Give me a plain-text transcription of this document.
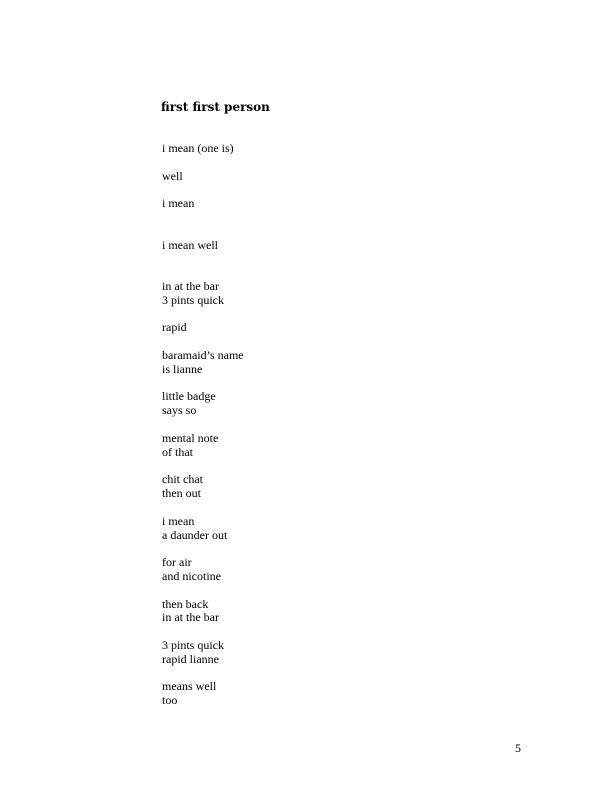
first first person
i mean (one is)
well
i mean
i mean well
in at the bar
3 pints quick
rapid
baramaid’s name
is lianne
little badge
says so
mental note
of that
chit chat
then out
i mean
a daunder out
for air
and nicotine
then back
in at the bar
3 pints quick
rapid lianne
means well
too
5
